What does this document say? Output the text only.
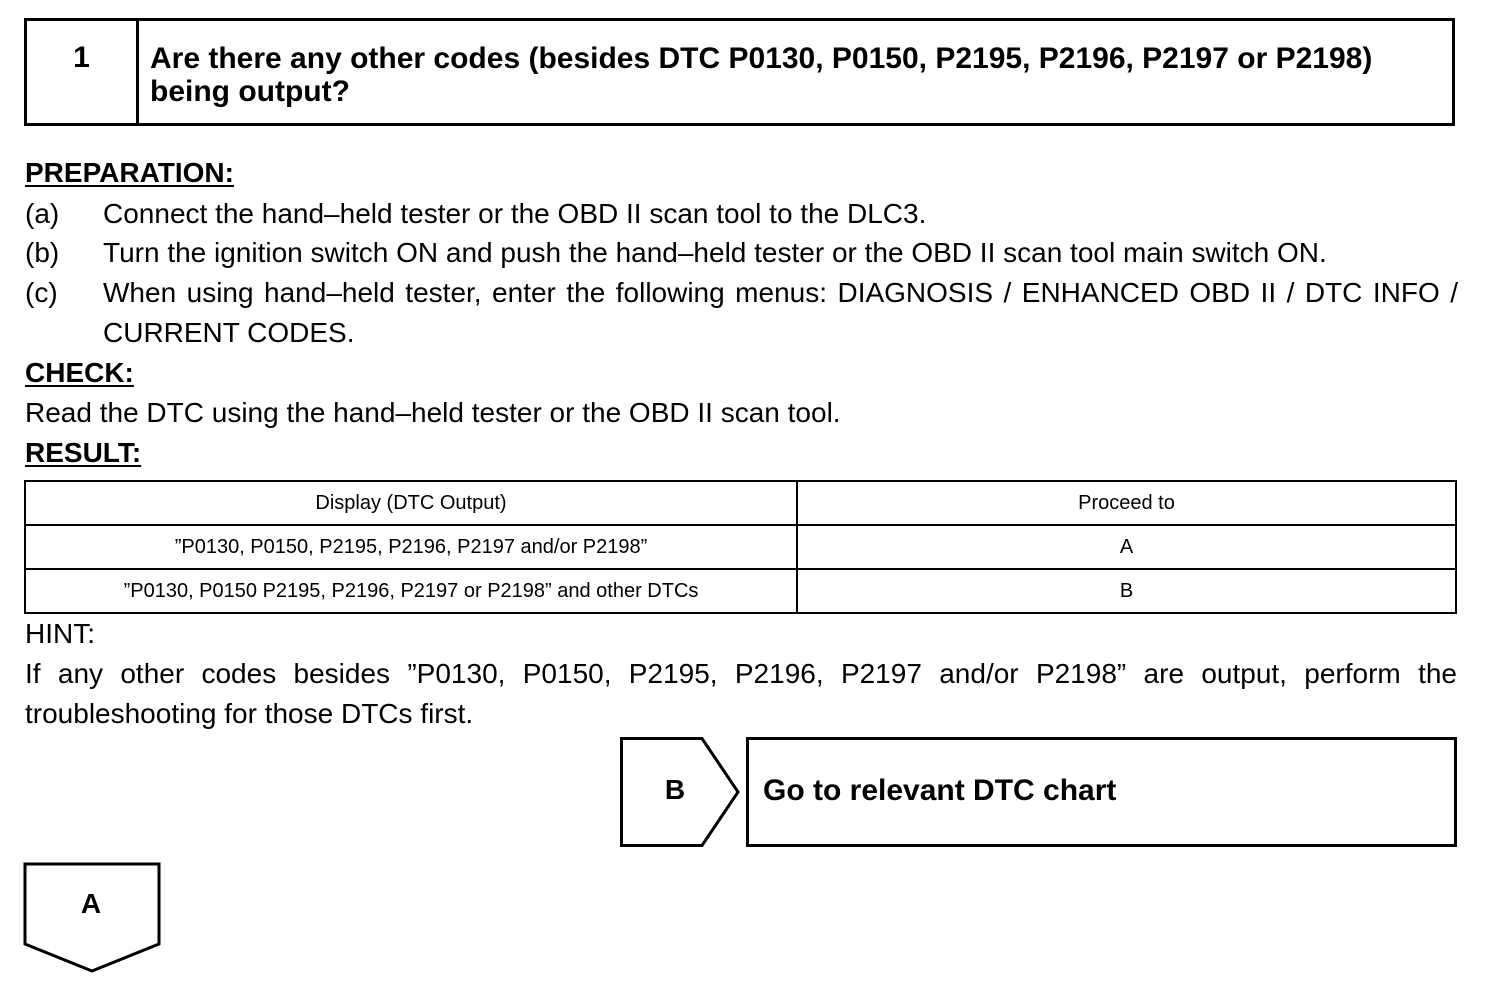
1	Are there any other codes (besides DTC P0130, P0150, P2195, P2196, P2197 or P2198) being output?
PREPARATION:
(a)	Connect the hand–held tester or the OBD II scan tool to the DLC3.
(b)	Turn the ignition switch ON and push the hand–held tester or the OBD II scan tool main switch ON.
(c)	When using hand–held tester, enter the following menus: DIAGNOSIS / ENHANCED OBD II / DTC INFO / CURRENT CODES.
CHECK:
Read the DTC using the hand–held tester or the OBD II scan tool.
RESULT:
Display (DTC Output)	Proceed to
”P0130, P0150, P2195, P2196, P2197 and/or P2198”	A
”P0130, P0150 P2195, P2196, P2197 or P2198” and other DTCs	B
HINT:
If any other codes besides ”P0130, P0150, P2195, P2196, P2197 and/or P2198” are output, perform the troubleshooting for those DTCs first.
B	Go to relevant DTC chart
A
